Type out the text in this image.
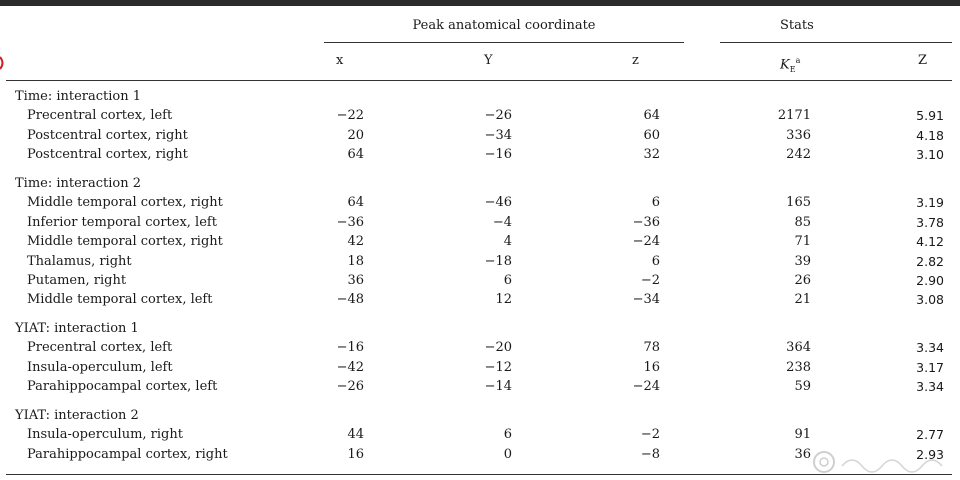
Peak anatomical coordinate	Stats
x	Y	z	$K_E^a$	Z
Time: interaction 1
Precentral cortex, left	−22	−26	64	2171	5.91
Postcentral cortex, right	20	−34	60	336	4.18
Postcentral cortex, right	64	−16	32	242	3.10
Time: interaction 2
Middle temporal cortex, right	64	−46	6	165	3.19
Inferior temporal cortex, left	−36	−4	−36	85	3.78
Middle temporal cortex, right	42	4	−24	71	4.12
Thalamus, right	18	−18	6	39	2.82
Putamen, right	36	6	−2	26	2.90
Middle temporal cortex, left	−48	12	−34	21	3.08
YIAT: interaction 1
Precentral cortex, left	−16	−20	78	364	3.34
Insula-operculum, left	−42	−12	16	238	3.17
Parahippocampal cortex, left	−26	−14	−24	59	3.34
YIAT: interaction 2
Insula-operculum, right	44	6	−2	91	2.77
Parahippocampal cortex, right	16	0	−8	36	2.93
